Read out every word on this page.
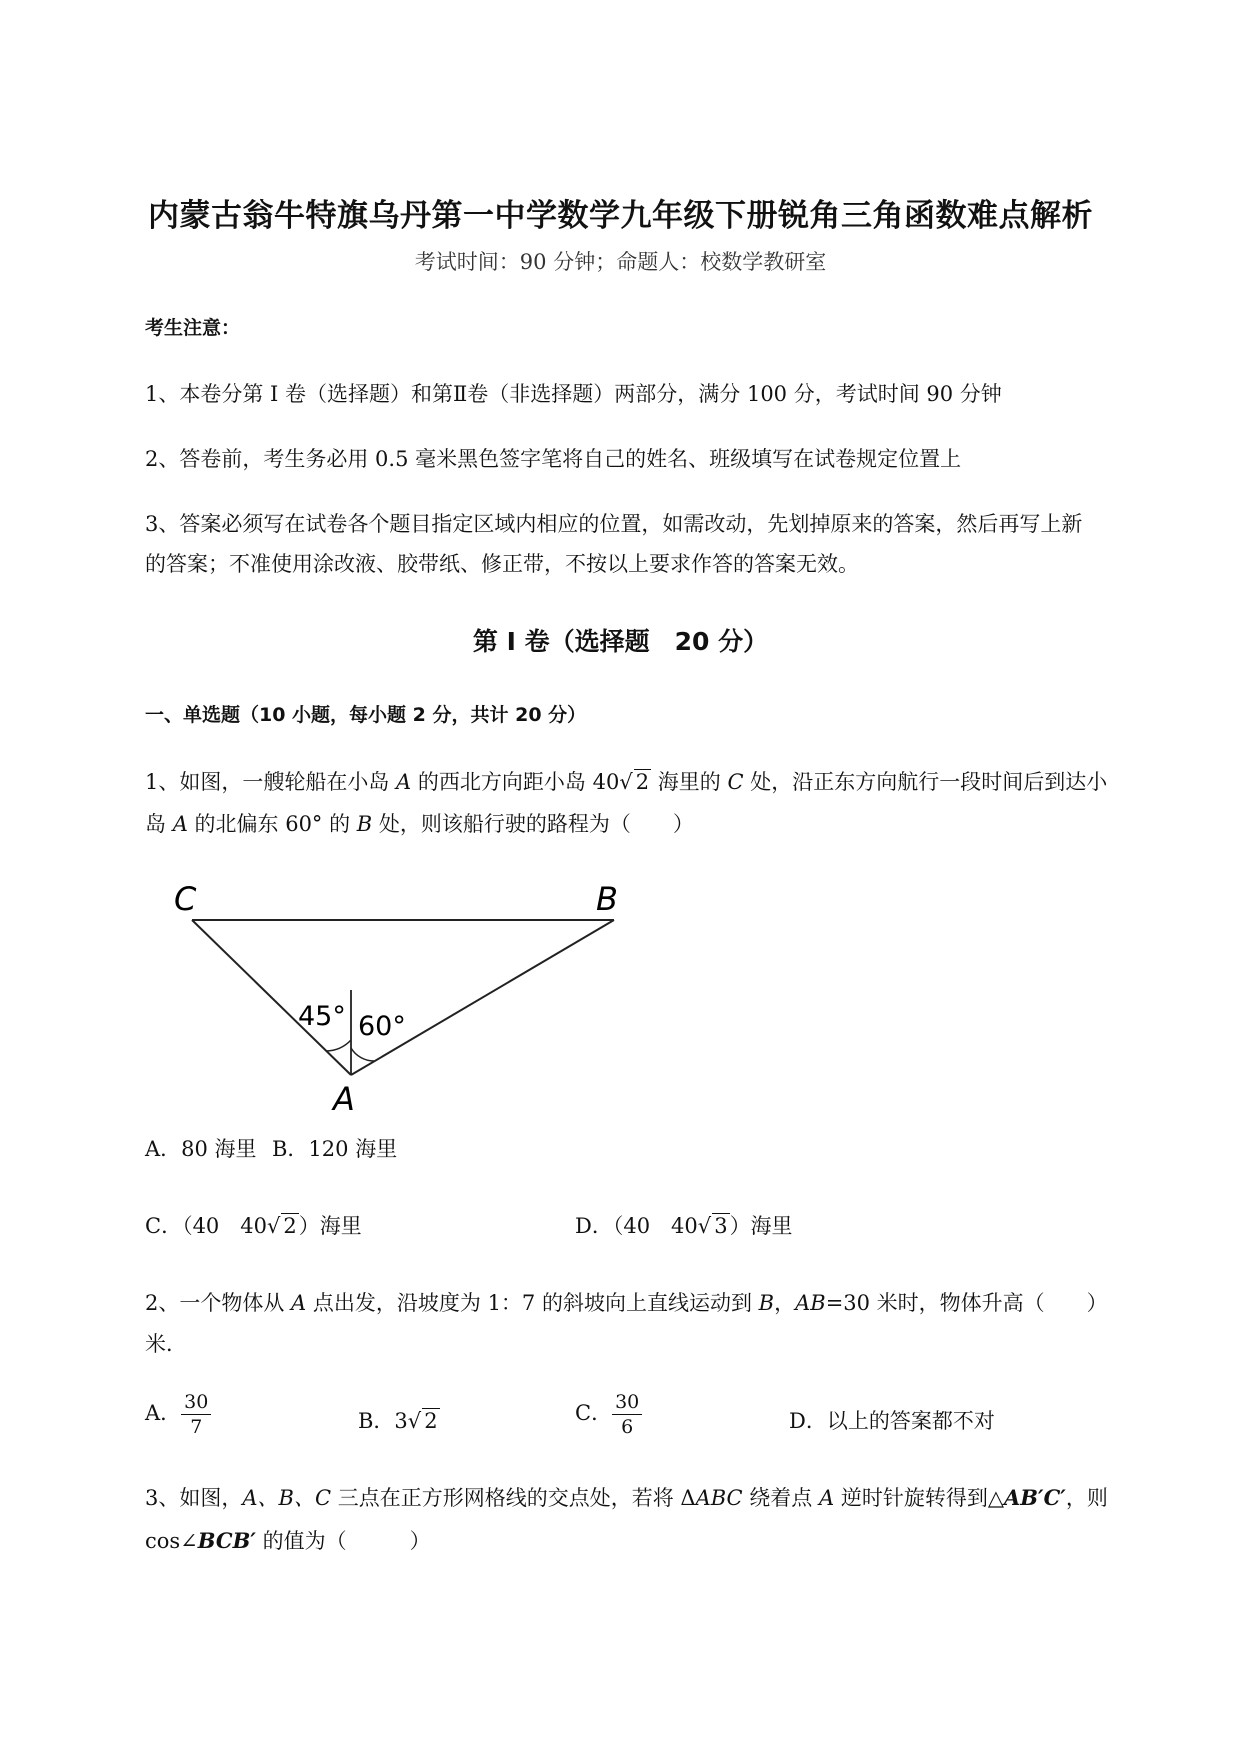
内蒙古翁牛特旗乌丹第一中学数学九年级下册锐角三角函数难点解析
考试时间：90 分钟；命题人：校数学教研室
考生注意：
1、本卷分第 I 卷（选择题）和第Ⅱ卷（非选择题）两部分，满分 100 分，考试时间 90 分钟
2、答卷前，考生务必用 0.5 毫米黑色签字笔将自己的姓名、班级填写在试卷规定位置上
3、答案必须写在试卷各个题目指定区域内相应的位置，如需改动，先划掉原来的答案，然后再写上新
的答案；不准使用涂改液、胶带纸、修正带，不按以上要求作答的答案无效。
第 I 卷（选择题　20 分）
一、单选题（10 小题，每小题 2 分，共计 20 分）
1、如图，一艘轮船在小岛 A 的西北方向距小岛 40√ 2 海里的 C 处，沿正东方向航行一段时间后到达小
岛 A 的北偏东 60° 的 B 处，则该船行驶的路程为（　　）
C	B
A
45° 60°
A．80 海里 B．120 海里
C．（40　40√ 2）海里	D．（40　40√ 3）海里
2、一个物体从 A 点出发，沿坡度为 1：7 的斜坡向上直线运动到 B，AB=30 米时，物体升高（　　）
米．
A． $\frac{30}{7}$	B．3√ 2	C． $\frac{30}{6}$	D．以上的答案都不对
3、如图，A、B、C 三点在正方形网格线的交点处，若将 ΔABC 绕着点 A 逆时针旋转得到△AB′C′，则
cos∠BCB′ 的值为（　　　）
